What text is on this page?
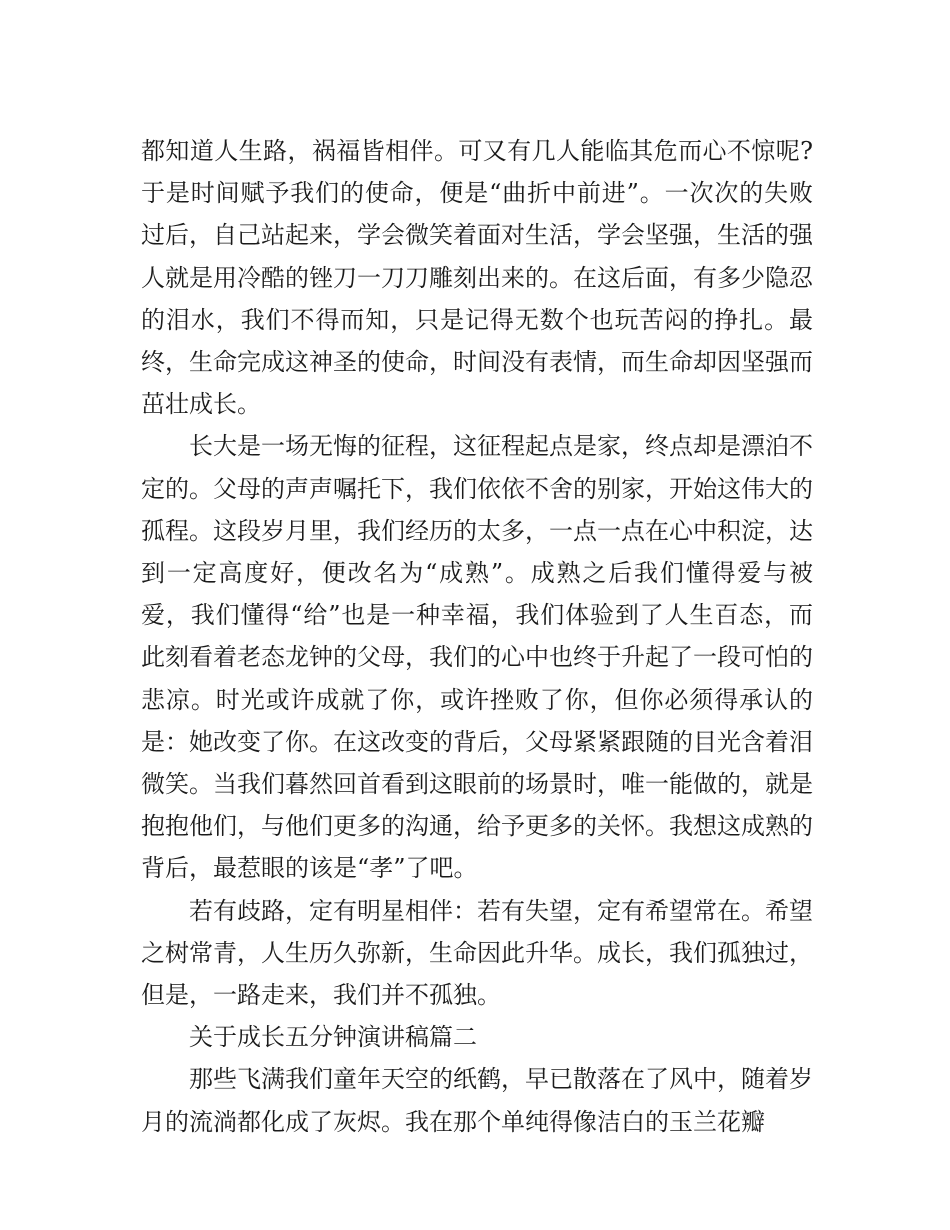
都知道人生路，祸福皆相伴。可又有几人能临其危而心不惊呢?于是时间赋予我们的使命，便是“曲折中前进”。一次次的失败过后，自己站起来，学会微笑着面对生活，学会坚强，生活的强人就是用冷酷的锉刀一刀刀雕刻出来的。在这后面，有多少隐忍的泪水，我们不得而知，只是记得无数个也玩苦闷的挣扎。最终，生命完成这神圣的使命，时间没有表情，而生命却因坚强而茁壮成长。

长大是一场无悔的征程，这征程起点是家，终点却是漂泊不定的。父母的声声嘱托下，我们依依不舍的别家，开始这伟大的孤程。这段岁月里，我们经历的太多，一点一点在心中积淀，达到一定高度好，便改名为“成熟”。成熟之后我们懂得爱与被爱，我们懂得“给”也是一种幸福，我们体验到了人生百态，而此刻看着老态龙钟的父母，我们的心中也终于升起了一段可怕的悲凉。时光或许成就了你，或许挫败了你，但你必须得承认的是：她改变了你。在这改变的背后，父母紧紧跟随的目光含着泪微笑。当我们暮然回首看到这眼前的场景时，唯一能做的，就是抱抱他们，与他们更多的沟通，给予更多的关怀。我想这成熟的背后，最惹眼的该是“孝”了吧。

若有歧路，定有明星相伴：若有失望，定有希望常在。希望之树常青，人生历久弥新，生命因此升华。成长，我们孤独过，但是，一路走来，我们并不孤独。

关于成长五分钟演讲稿篇二

那些飞满我们童年天空的纸鹤，早已散落在了风中，随着岁月的流淌都化成了灰烬。我在那个单纯得像洁白的玉兰花瓣
